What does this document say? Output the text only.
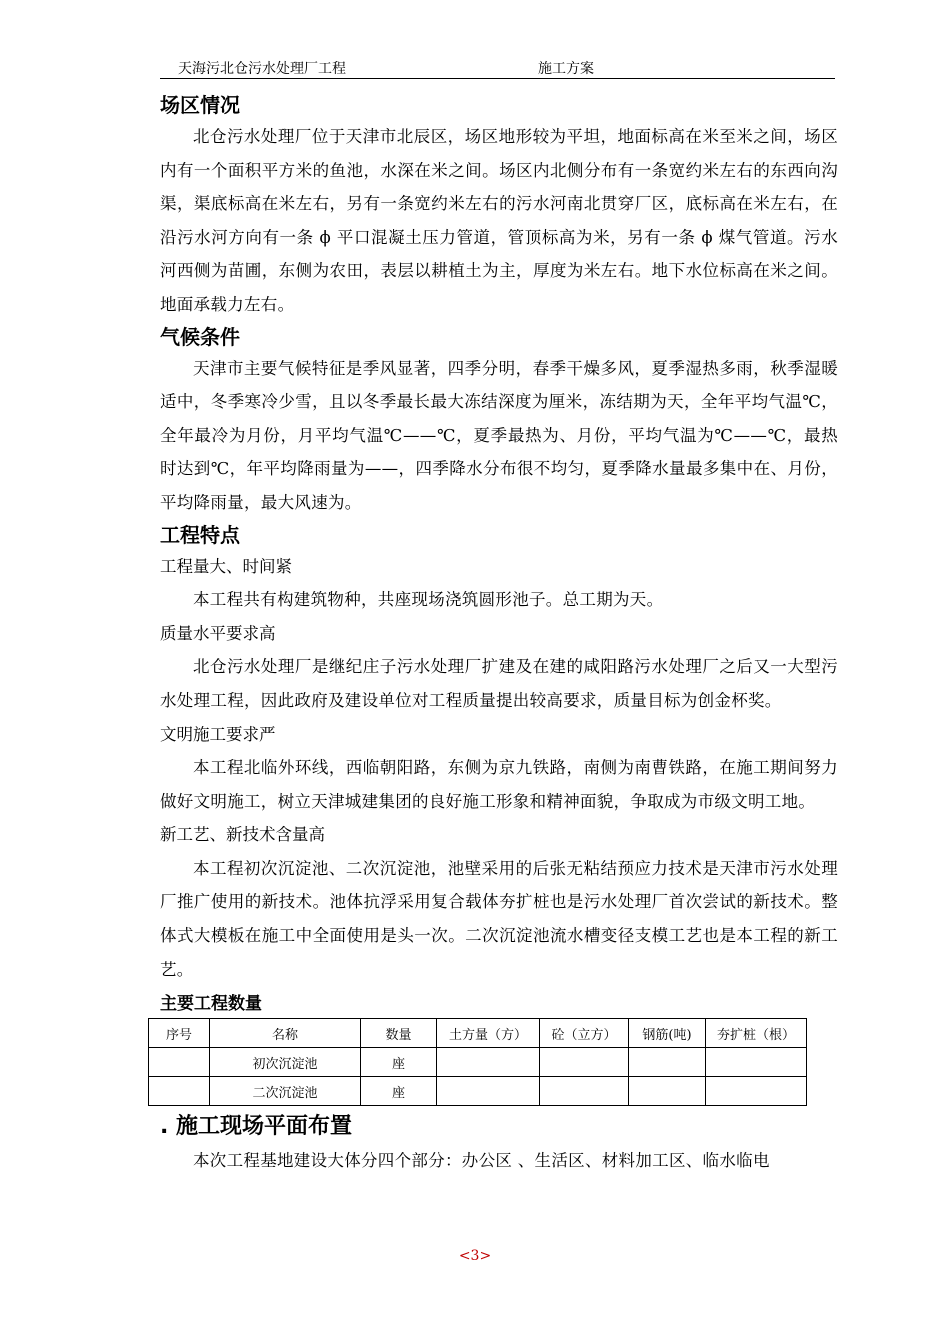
天海污北仓污水处理厂工程	施工方案
场区情况

北仓污水处理厂位于天津市北辰区，场区地形较为平坦，地面标高在米至米之间，场区内有一个面积平方米的鱼池，水深在米之间。场区内北侧分布有一条宽约米左右的东西向沟渠，渠底标高在米左右，另有一条宽约米左右的污水河南北贯穿厂区，底标高在米左右，在沿污水河方向有一条 ϕ 平口混凝土压力管道，管顶标高为米，另有一条 ϕ 煤气管道。污水河西侧为苗圃，东侧为农田，表层以耕植土为主，厚度为米左右。地下水位标高在米之间。地面承载力左右。

气候条件

天津市主要气候特征是季风显著，四季分明，春季干燥多风，夏季湿热多雨，秋季湿暖适中，冬季寒冷少雪，且以冬季最长最大冻结深度为厘米，冻结期为天，全年平均气温℃，全年最冷为月份，月平均气温℃——℃，夏季最热为、月份，平均气温为℃——℃，最热时达到℃，年平均降雨量为——，四季降水分布很不均匀，夏季降水量最多集中在、月份，平均降雨量，最大风速为。

工程特点
工程量大、时间紧

本工程共有构建筑物种，共座现场浇筑圆形池子。总工期为天。

质量水平要求高

北仓污水处理厂是继纪庄子污水处理厂扩建及在建的咸阳路污水处理厂之后又一大型污水处理工程，因此政府及建设单位对工程质量提出较高要求，质量目标为创金杯奖。

文明施工要求严

本工程北临外环线，西临朝阳路，东侧为京九铁路，南侧为南曹铁路，在施工期间努力做好文明施工，树立天津城建集团的良好施工形象和精神面貌，争取成为市级文明工地。

新工艺、新技术含量高

本工程初次沉淀池、二次沉淀池，池壁采用的后张无粘结预应力技术是天津市污水处理厂推广使用的新技术。池体抗浮采用复合载体夯扩桩也是污水处理厂首次尝试的新技术。整体式大模板在施工中全面使用是头一次。二次沉淀池流水槽变径支模工艺也是本工程的新工艺。

主要工程数量
序号	名称	数量	土方量（方）	砼（立方）	钢筋(吨)	夯扩桩（根）
	初次沉淀池	座				
	二次沉淀池	座				
. 施工现场平面布置

本次工程基地建设大体分四个部分：办公区 、生活区、材料加工区、临水临电

<3>
